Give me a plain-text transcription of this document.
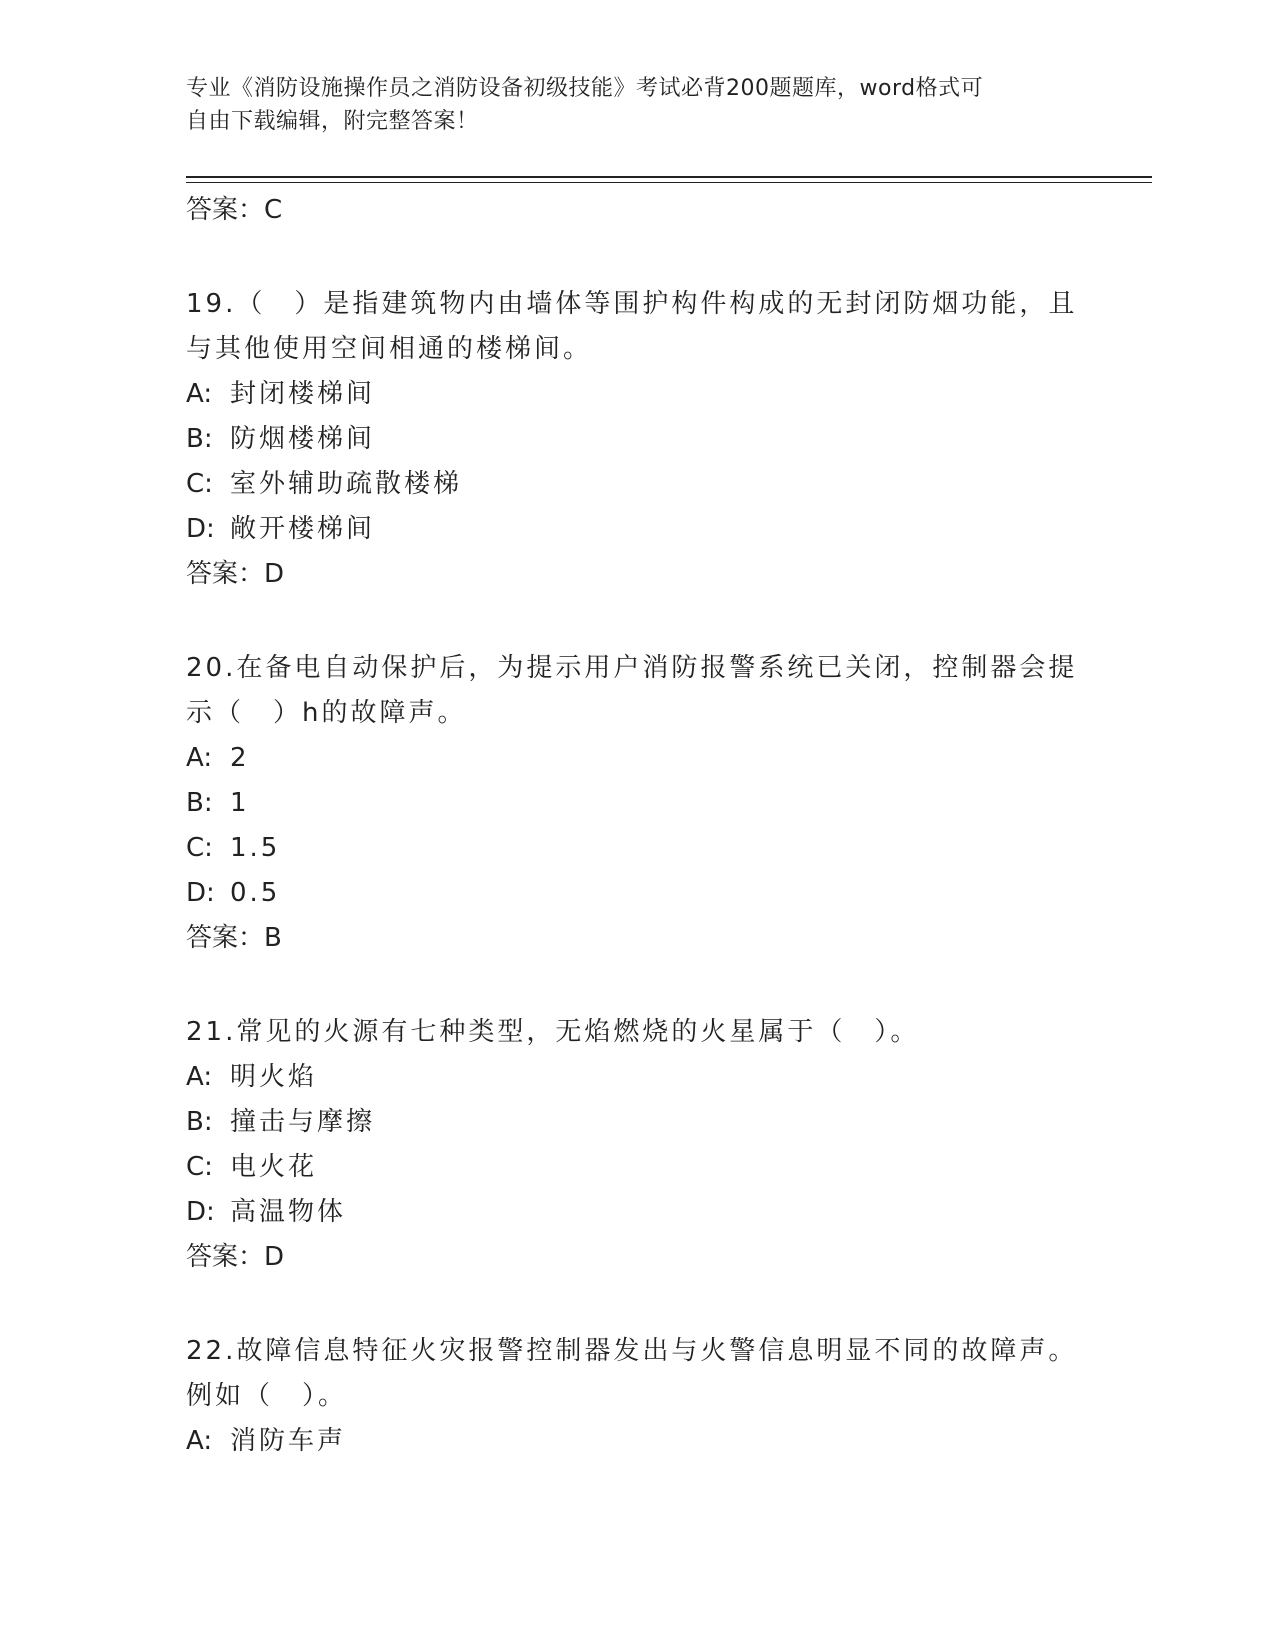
专业《消防设施操作员之消防设备初级技能》考试必背200题题库，word格式可
自由下载编辑，附完整答案！
答案：C
19.（　）是指建筑物内由墙体等围护构件构成的无封闭防烟功能，且
与其他使用空间相通的楼梯间。
A: 封闭楼梯间
B: 防烟楼梯间
C: 室外辅助疏散楼梯
D: 敞开楼梯间
答案：D
20.在备电自动保护后，为提示用户消防报警系统已关闭，控制器会提
示（　）h的故障声。
A: 2
B: 1
C: 1.5
D: 0.5
答案：B
21.常见的火源有七种类型，无焰燃烧的火星属于（　）。
A: 明火焰
B: 撞击与摩擦
C: 电火花
D: 高温物体
答案：D
22.故障信息特征火灾报警控制器发出与火警信息明显不同的故障声。
例如（　）。
A: 消防车声
